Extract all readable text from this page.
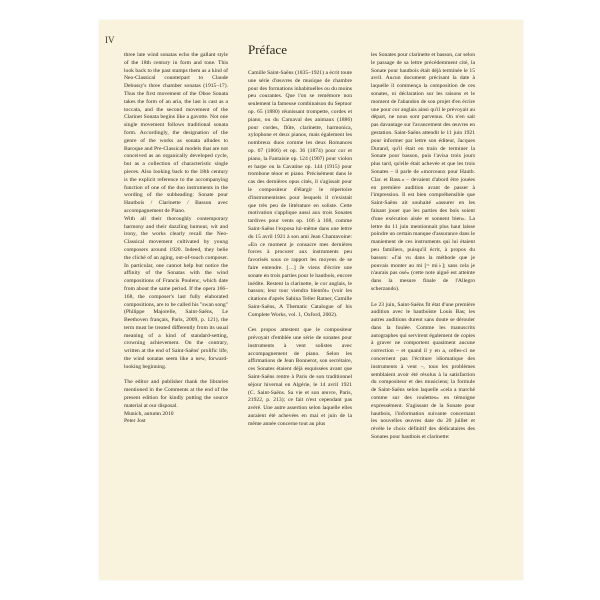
IV

three late wind sonatas echo the gallant style of the 18th century in form and tone. This look back to the past stamps them as a kind of Neo-Classical counterpart to Claude Debussy's three chamber sonatas (1915–17). Thus the first movement of the Oboe Sonata takes the form of an aria, the last is cast as a toccata, and the second movement of the Clarinet Sonata begins like a gavotte. Not one single movement follows traditional sonata form. Accordingly, the designation of the genre of the works as sonata alludes to Baroque and Pre-Classical models that are not conceived as an organically developed cycle, but as a collection of characteristic single pieces. Also looking back to the 18th century is the explicit reference to the accompanying function of one of the duo instruments in the wording of the subheading: Sonate pour Hautbois / Clarinette / Basson avec accompagnement de Piano.

With all their thoroughly contemporary harmony and their dazzling humour, wit and irony, the works clearly recall the Neo-Classical movement cultivated by young composers around 1920. Indeed, they belie the cliché of an aging, out-of-touch composer. In particular, one cannot help but notice the affinity of the Sonatas with the wind compositions of Francis Poulenc, which date from about the same period. If the opera 166–168, the composer's last fully elaborated compositions, are to be called his "swan song" (Philippe Majorelle, Saint-Saëns, Le Beethoven français, Paris, 2009, p. 121), the term must be treated differently from its usual meaning of a kind of standard-setting, crowning achievement. On the contrary, written at the end of Saint-Saëns' prolific life, the wind sonatas seem like a new, forward-looking beginning.

The editor and publisher thank the libraries mentioned in the Comments at the end of the present edition for kindly putting the source material at our disposal.

Munich, autumn 2010

Peter Jost

Préface

Camille Saint-Saëns (1835–1921) a écrit toute une série d'œuvres de musique de chambre pour des formations inhabituelles ou du moins peu courantes. Que l'on se remémore non seulement la fameuse combinaison du Septuor op. 65 (1880) réunissant trompette, cordes et piano, ou du Carnaval des animaux (1886) pour cordes, flûte, clarinette, harmonica, xylophone et deux pianos, mais également les nombreux duos comme les deux Romances op. 67 (1866) et op. 36 (1874) pour cor et piano, la Fantaisie op. 124 (1907) pour violon et harpe ou la Cavatine op. 144 (1915) pour trombone ténor et piano. Précisément dans le cas des dernières opus cités, il s'agissait pour le compositeur d'élargir le répertoire d'instrumentistes pour lesquels il n'existait que très peu de littérature en soliste. Cette motivation s'applique aussi aux trois Sonates tardives pour vents op. 166 à 168, comme Saint-Saëns l'exposa lui-même dans une lettre du 15 avril 1921 à son ami Jean Chantavoine: «En ce moment je consacre mes dernières forces à procurer aux instruments peu favorisés sous ce rapport les moyens de se faire entendre. […] Je viens d'écrire une sonate en trois parties pour le hautbois, encore inédite. Restent la clarinette, le cor anglais, le basson; leur tour viendra bientôt» (voir les citations d'après Sabina Teller Ratner, Camille Saint-Saëns, A Thematic Catalogue of his Complete Works, vol. 1, Oxford, 2002).

Ces propos attestent que le compositeur prévoyait d'emblée une série de sonates pour instruments à vent solistes avec accompagnement de piano. Selon les affirmations de Jean Bonnerot, son secrétaire, ces Sonates étaient déjà esquissées avant que Saint-Saëns rentre à Paris de son traditionnel séjour hivernal en Algérie, le 14 avril 1921 (C. Saint-Saëns. Sa vie et son œuvre, Paris, 21922, p. 213); ce fait n'est cependant pas avéré. Une autre assertion selon laquelle elles auraient été achevées en mai et juin de la même année concerne tout au plus

les Sonates pour clarinette et basson, car selon le passage de sa lettre précédemment cité, la Sonate pour hautbois était déjà terminée le 15 avril. Aucun document précisant la date à laquelle il commença la composition de ces sonates, ni déclaration sur les raisons et le moment de l'abandon de son projet d'en écrire une pour cor anglais ainsi qu'il le prévoyait au départ, ne nous sont parvenus. On n'en sait pas davantage sur l'avancement des œuvres en gestation. Saint-Saëns attendit le 11 juin 1921 pour informer par lettre son éditeur, Jacques Durand, qu'il était en train de terminer la Sonate pour basson, puis l'avisa trois jours plus tard, qu'elle était achevée et que les trois Sonates – il parle de «morceaux pour Hautb. Clar. et Bass.» – devaient d'abord être jouées en première audition avant de passer à l'impression. Il est bien compréhensible que Saint-Saëns ait souhaité «assurer en les faisant jouer que les parties des bois soient d'une exécution aisée et sonnent bien». La lettre du 11 juin mentionnait plus haut laisse poindre un certain manque d'assurance dans le maniement de ces instruments qui lui étaient peu familiers, puisqu'il écrit, à propos du basson: «J'ai vu dans la méthode que je pouvais monter au mi [= mi♭]; sans cela je n'aurais pas osé» (cette note aiguë est atteinte dans la mesure finale de l'Allegro scherzando).

Le 23 juin, Saint-Saëns fit état d'une première audition avec le hautboïste Louis Bas; les autres auditions durent sans doute se dérouler dans la foulée. Comme les manuscrits autographes qui servirent également de copies à graver ne comportent quasiment aucune correction – et quand il y en a, celles-ci ne concernent pas l'écriture idiomatique des instruments à vent –, tous les problèmes semblaient avoir été résolus à la satisfaction du compositeur et des musiciens; la formule de Saint-Saëns selon laquelle «cela a marché comme sur des roulettes» en témoigne expressément. S'agissant de la Sonate pour hautbois, l'information suivante concernant les nouvelles œuvres date du 20 juillet et révèle le choix définitif des dédicataires des Sonates pour hautbois et clarinette:
